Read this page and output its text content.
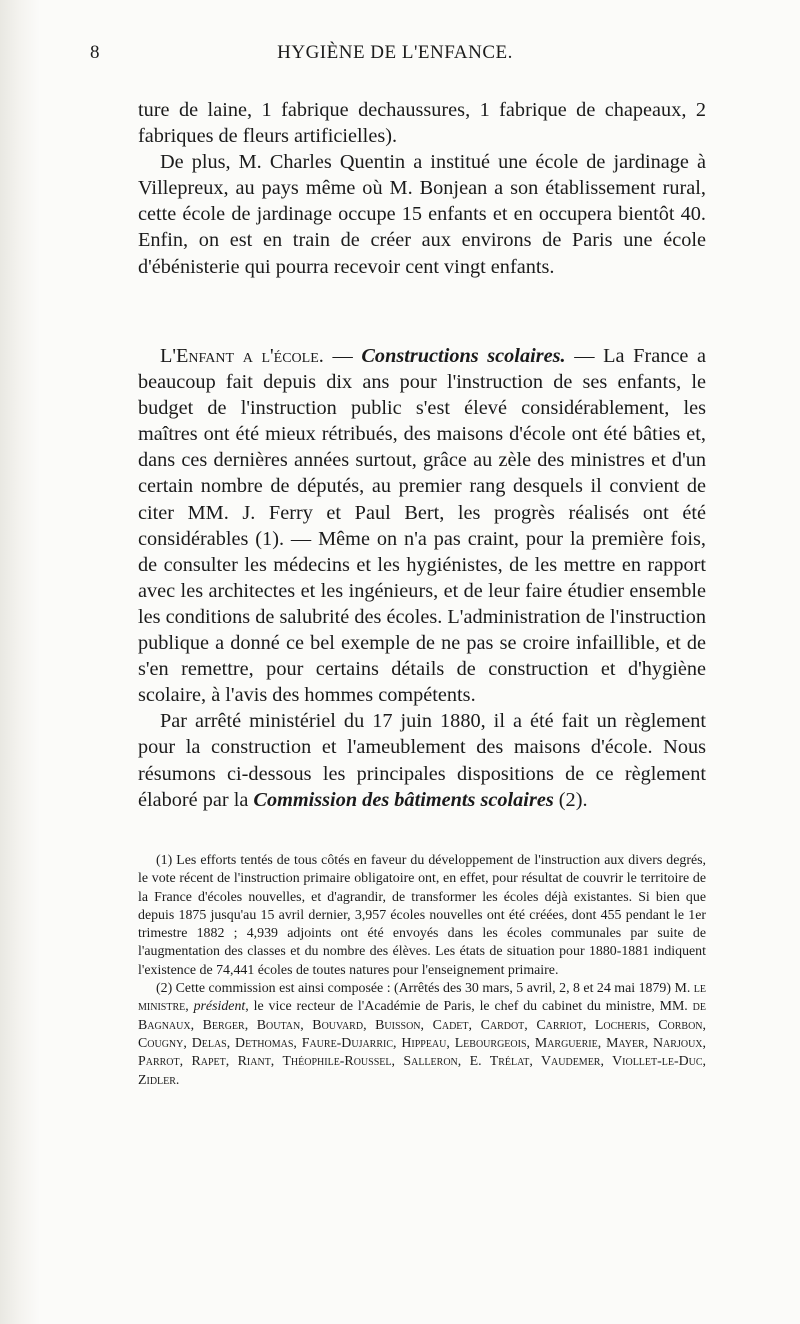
8	HYGIÈNE DE L'ENFANCE.

ture de laine, 1 fabrique dechaussures, 1 fabrique de chapeaux, 2 fabriques de fleurs artificielles).

De plus, M. Charles Quentin a institué une école de jardinage à Villepreux, au pays même où M. Bonjean a son établissement rural, cette école de jardinage occupe 15 enfants et en occupera bientôt 40. Enfin, on est en train de créer aux environs de Paris une école d'ébénisterie qui pourra recevoir cent vingt enfants.

L'Enfant a l'école. — Constructions scolaires. — La France a beaucoup fait depuis dix ans pour l'instruction de ses enfants, le budget de l'instruction public s'est élevé considérablement, les maîtres ont été mieux rétribués, des maisons d'école ont été bâties et, dans ces dernières années surtout, grâce au zèle des ministres et d'un certain nombre de députés, au premier rang desquels il convient de citer MM. J. Ferry et Paul Bert, les progrès réalisés ont été considérables (1). — Même on n'a pas craint, pour la première fois, de consulter les médecins et les hygiénistes, de les mettre en rapport avec les architectes et les ingénieurs, et de leur faire étudier ensemble les conditions de salubrité des écoles. L'administration de l'instruction publique a donné ce bel exemple de ne pas se croire infaillible, et de s'en remettre, pour certains détails de construction et d'hygiène scolaire, à l'avis des hommes compétents.

Par arrêté ministériel du 17 juin 1880, il a été fait un règlement pour la construction et l'ameublement des maisons d'école. Nous résumons ci-dessous les principales dispositions de ce règlement élaboré par la Commission des bâtiments scolaires (2).

(1) Les efforts tentés de tous côtés en faveur du développement de l'instruction aux divers degrés, le vote récent de l'instruction primaire obligatoire ont, en effet, pour résultat de couvrir le territoire de la France d'écoles nouvelles, et d'agrandir, de transformer les écoles déjà existantes. Si bien que depuis 1875 jusqu'au 15 avril dernier, 3,957 écoles nouvelles ont été créées, dont 455 pendant le 1er trimestre 1882 ; 4,939 adjoints ont été envoyés dans les écoles communales par suite de l'augmentation des classes et du nombre des élèves. Les états de situation pour 1880-1881 indiquent l'existence de 74,441 écoles de toutes natures pour l'enseignement primaire.

(2) Cette commission est ainsi composée : (Arrêtés des 30 mars, 5 avril, 2, 8 et 24 mai 1879) M. le ministre, président, le vice recteur de l'Académie de Paris, le chef du cabinet du ministre, MM. de Bagnaux, Berger, Boutan, Bouvard, Buisson, Cadet, Cardot, Carriot, Locheris, Corbon, Cougny, Delas, Dethomas, Faure-Dujarric, Hippeau, Lebourgeois, Marguerie, Mayer, Narjoux, Parrot, Rapet, Riant, Théophile-Roussel, Salleron, E. Trélat, Vaudemer, Viollet-le-Duc, Zidler.
